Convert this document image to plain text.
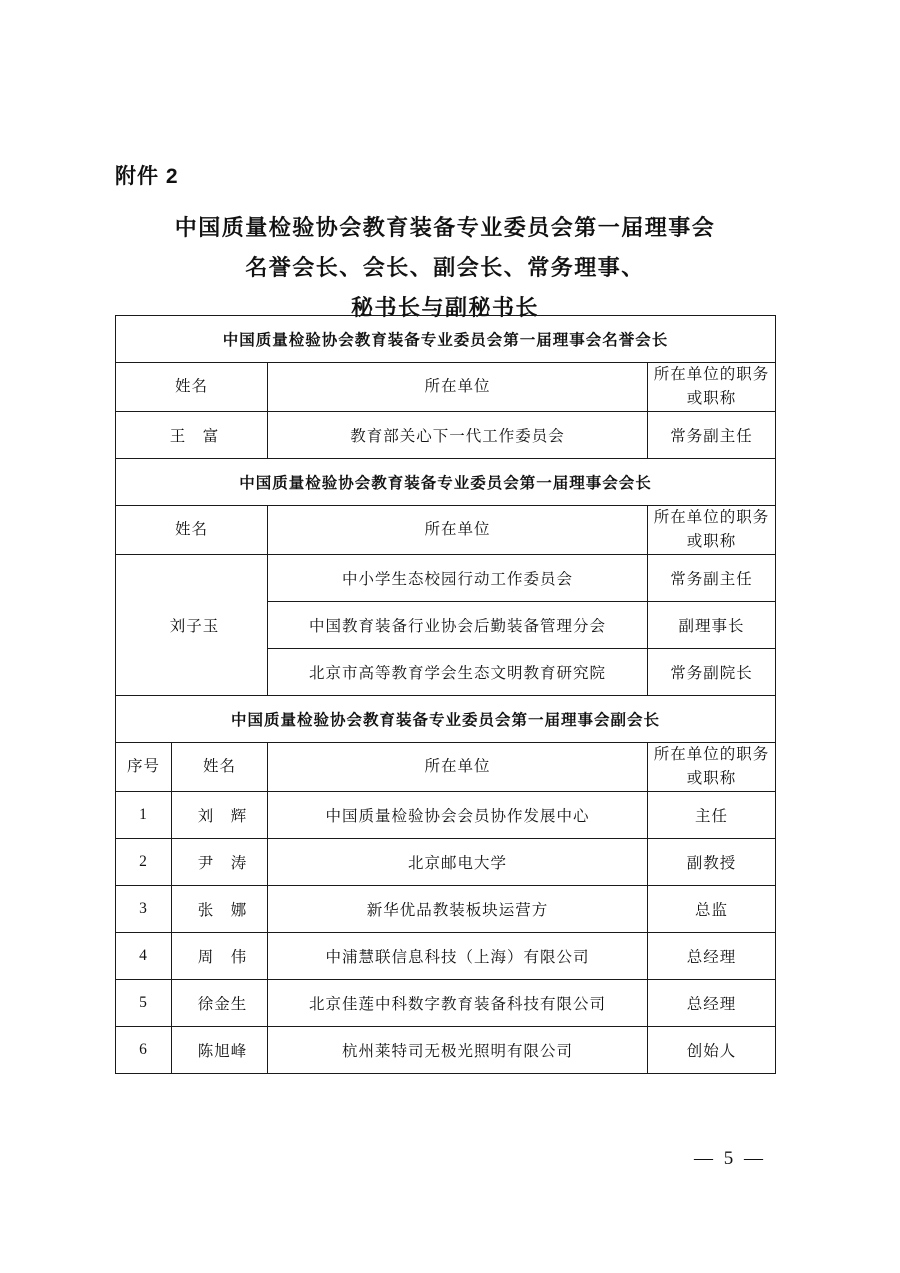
附件 2
中国质量检验协会教育装备专业委员会第一届理事会
名誉会长、会长、副会长、常务理事、
秘书长与副秘书长
中国质量检验协会教育装备专业委员会第一届理事会名誉会长			
姓名		所在单位	所在单位的职务或职称
王　富		教育部关心下一代工作委员会	常务副主任
中国质量检验协会教育装备专业委员会第一届理事会会长			
姓名		所在单位	所在单位的职务或职称
刘子玉		中小学生态校园行动工作委员会	常务副主任
		中国教育装备行业协会后勤装备管理分会	副理事长
		北京市高等教育学会生态文明教育研究院	常务副院长
中国质量检验协会教育装备专业委员会第一届理事会副会长			
序号	姓名	所在单位	所在单位的职务或职称
1	刘　辉	中国质量检验协会会员协作发展中心	主任
2	尹　涛	北京邮电大学	副教授
3	张　娜	新华优品教装板块运营方	总监
4	周　伟	中浦慧联信息科技（上海）有限公司	总经理
5	徐金生	北京佳莲中科数字教育装备科技有限公司	总经理
6	陈旭峰	杭州莱特司无极光照明有限公司	创始人
— 5 —
